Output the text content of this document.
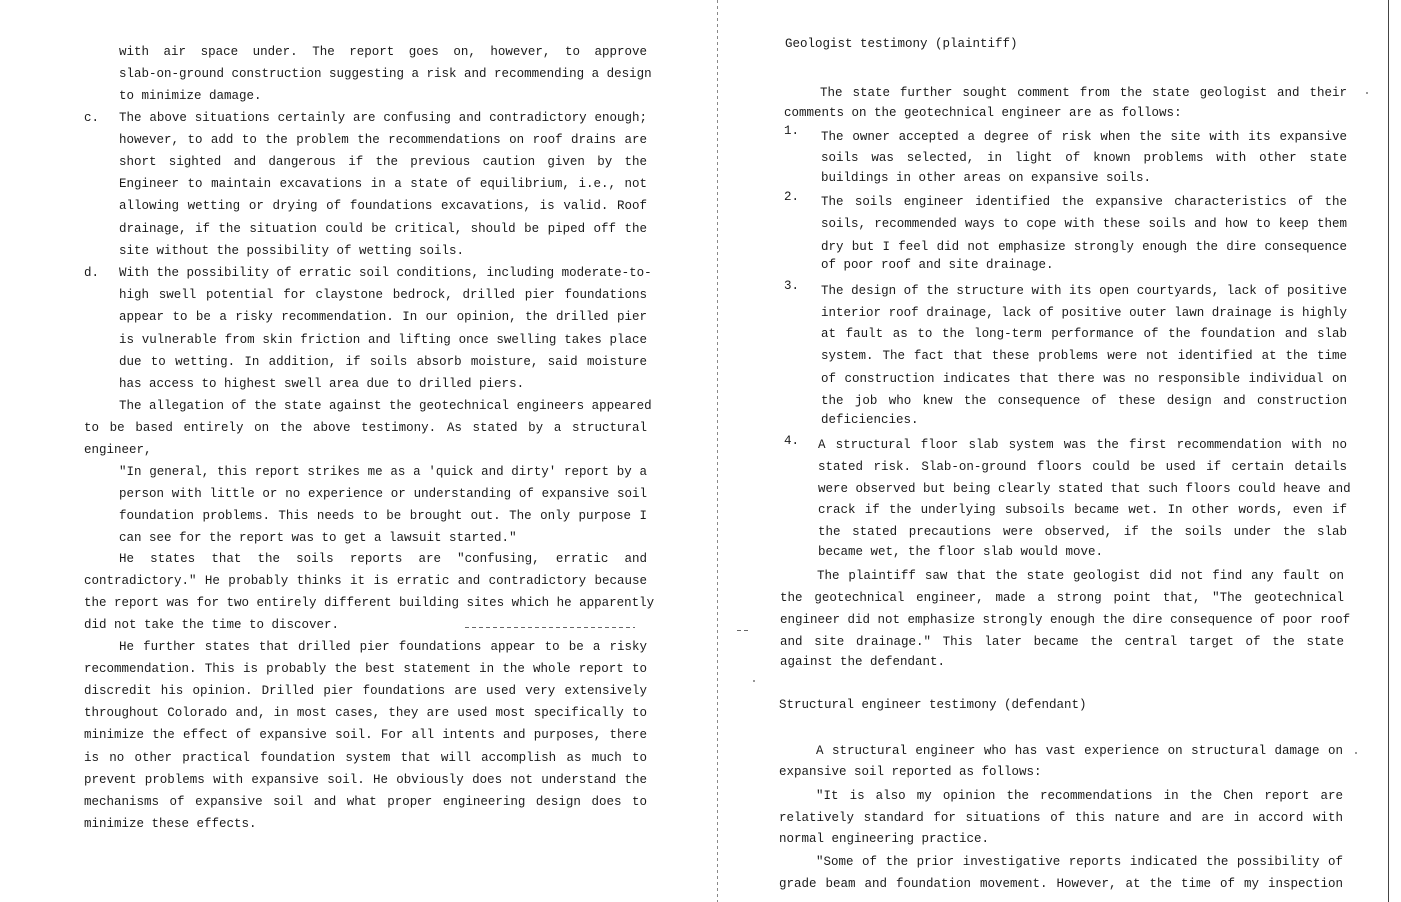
with air space under. The report goes on, however, to approve
slab-on-ground construction suggesting a risk and recommending a design
to minimize damage.
c. The above situations certainly are confusing and contradictory enough;
however, to add to the problem the recommendations on roof drains are
short sighted and dangerous if the previous caution given by the
Engineer to maintain excavations in a state of equilibrium, i.e., not
allowing wetting or drying of foundations excavations, is valid. Roof
drainage, if the situation could be critical, should be piped off the
site without the possibility of wetting soils.
d. With the possibility of erratic soil conditions, including moderate-to-
high swell potential for claystone bedrock, drilled pier foundations
appear to be a risky recommendation. In our opinion, the drilled pier
is vulnerable from skin friction and lifting once swelling takes place
due to wetting. In addition, if soils absorb moisture, said moisture
has access to highest swell area due to drilled piers.
The allegation of the state against the geotechnical engineers appeared
to be based entirely on the above testimony. As stated by a structural
engineer,
"In general, this report strikes me as a 'quick and dirty' report by a
person with little or no experience or understanding of expansive soil
foundation problems. This needs to be brought out. The only purpose I
can see for the report was to get a lawsuit started."
He states that the soils reports are "confusing, erratic and
contradictory." He probably thinks it is erratic and contradictory because
the report was for two entirely different building sites which he apparently
did not take the time to discover.
He further states that drilled pier foundations appear to be a risky
recommendation. This is probably the best statement in the whole report to
discredit his opinion. Drilled pier foundations are used very extensively
throughout Colorado and, in most cases, they are used most specifically to
minimize the effect of expansive soil. For all intents and purposes, there
is no other practical foundation system that will accomplish as much to
prevent problems with expansive soil. He obviously does not understand the
mechanisms of expansive soil and what proper engineering design does to
minimize these effects.
Geologist testimony (plaintiff)
The state further sought comment from the state geologist and their
comments on the geotechnical engineer are as follows:
1. The owner accepted a degree of risk when the site with its expansive
soils was selected, in light of known problems with other state
buildings in other areas on expansive soils.
2. The soils engineer identified the expansive characteristics of the
soils, recommended ways to cope with these soils and how to keep them
dry but I feel did not emphasize strongly enough the dire consequence
of poor roof and site drainage.
3. The design of the structure with its open courtyards, lack of positive
interior roof drainage, lack of positive outer lawn drainage is highly
at fault as to the long-term performance of the foundation and slab
system. The fact that these problems were not identified at the time
of construction indicates that there was no responsible individual on
the job who knew the consequence of these design and construction
deficiencies.
4. A structural floor slab system was the first recommendation with no
stated risk. Slab-on-ground floors could be used if certain details
were observed but being clearly stated that such floors could heave and
crack if the underlying subsoils became wet. In other words, even if
the stated precautions were observed, if the soils under the slab
became wet, the floor slab would move.
The plaintiff saw that the state geologist did not find any fault on
the geotechnical engineer, made a strong point that, "The geotechnical
engineer did not emphasize strongly enough the dire consequence of poor roof
and site drainage." This later became the central target of the state
against the defendant.
Structural engineer testimony (defendant)
A structural engineer who has vast experience on structural damage on
expansive soil reported as follows:
"It is also my opinion the recommendations in the Chen report are
relatively standard for situations of this nature and are in accord with
normal engineering practice.
"Some of the prior investigative reports indicated the possibility of
grade beam and foundation movement. However, at the time of my inspection
